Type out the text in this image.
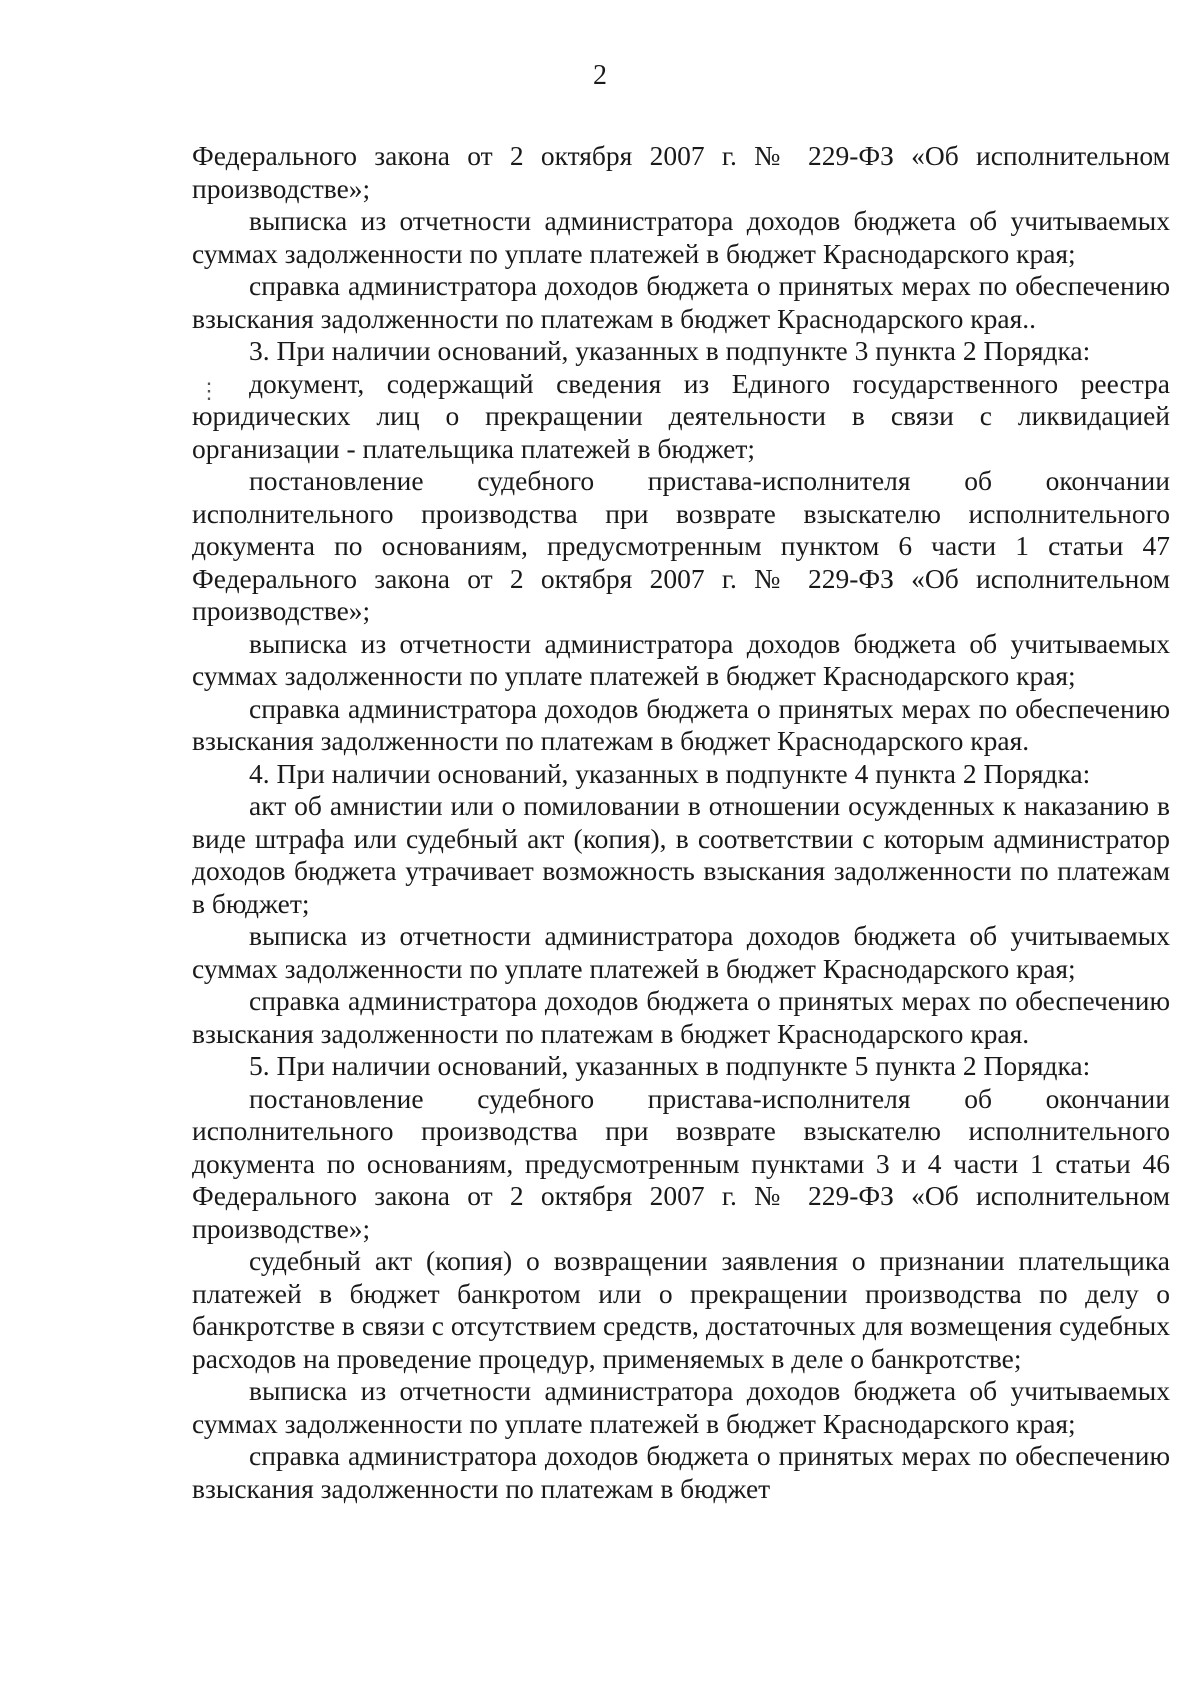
2
⋮

Федерального закона от 2 октября 2007 г. № 229-ФЗ «Об исполнительном производстве»;

выписка из отчетности администратора доходов бюджета об учитываемых суммах задолженности по уплате платежей в бюджет Краснодарского края;

справка администратора доходов бюджета о принятых мерах по обеспечению взыскания задолженности по платежам в бюджет Краснодарского края..

3. При наличии оснований, указанных в подпункте 3 пункта 2 Порядка:

документ, содержащий сведения из Единого государственного реестра юридических лиц о прекращении деятельности в связи с ликвидацией организации - плательщика платежей в бюджет;

постановление судебного пристава-исполнителя об окончании исполнительного производства при возврате взыскателю исполнительного документа по основаниям, предусмотренным пунктом 6 части 1 статьи 47 Федерального закона от 2 октября 2007 г. № 229-ФЗ «Об исполнительном производстве»;

выписка из отчетности администратора доходов бюджета об учитываемых суммах задолженности по уплате платежей в бюджет Краснодарского края;

справка администратора доходов бюджета о принятых мерах по обеспечению взыскания задолженности по платежам в бюджет Краснодарского края.

4. При наличии оснований, указанных в подпункте 4 пункта 2 Порядка:

акт об амнистии или о помиловании в отношении осужденных к наказанию в виде штрафа или судебный акт (копия), в соответствии с которым администратор доходов бюджета утрачивает возможность взыскания задолженности по платежам в бюджет;

выписка из отчетности администратора доходов бюджета об учитываемых суммах задолженности по уплате платежей в бюджет Краснодарского края;

справка администратора доходов бюджета о принятых мерах по обеспечению взыскания задолженности по платежам в бюджет Краснодарского края.

5. При наличии оснований, указанных в подпункте 5 пункта 2 Порядка:

постановление судебного пристава-исполнителя об окончании исполнительного производства при возврате взыскателю исполнительного документа по основаниям, предусмотренным пунктами 3 и 4 части 1 статьи 46 Федерального закона от 2 октября 2007 г. № 229-ФЗ «Об исполнительном производстве»;

судебный акт (копия) о возвращении заявления о признании плательщика платежей в бюджет банкротом или о прекращении производства по делу о банкротстве в связи с отсутствием средств, достаточных для возмещения судебных расходов на проведение процедур, применяемых в деле о банкротстве;

выписка из отчетности администратора доходов бюджета об учитываемых суммах задолженности по уплате платежей в бюджет Краснодарского края;

справка администратора доходов бюджета о принятых мерах по обеспечению взыскания задолженности по платежам в бюджет
